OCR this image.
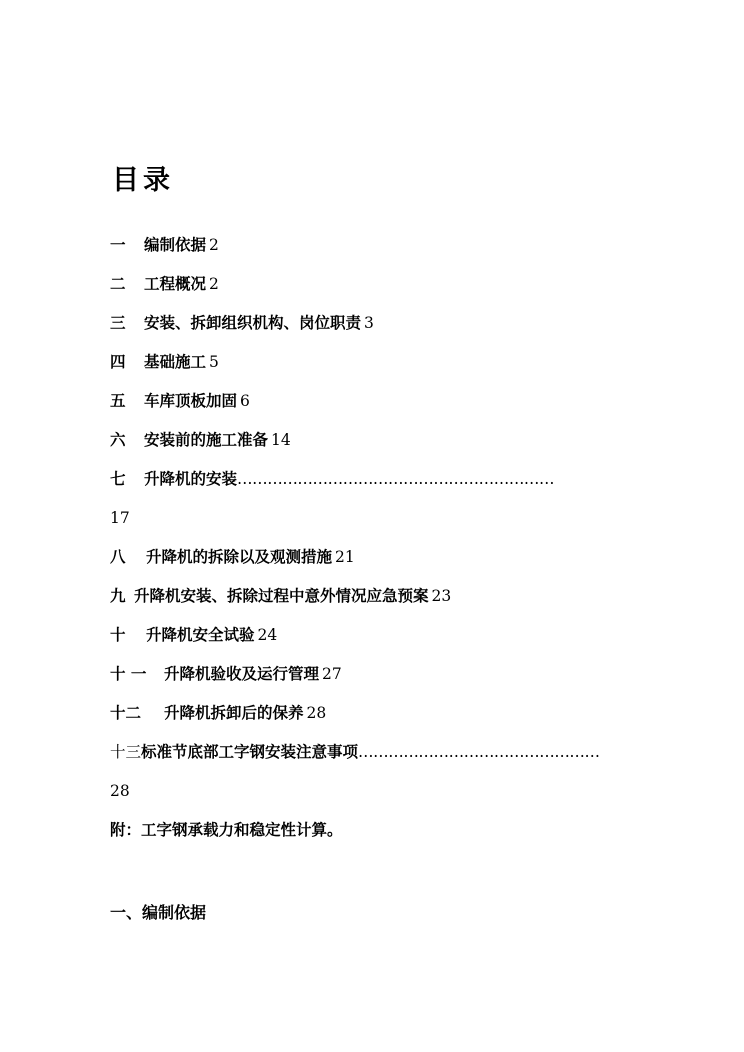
目录
一 编制依据 2
二 工程概况 2
三 安装、拆卸组织机构、岗位职责 3
四 基础施工 5
五 车库顶板加固 6
六 安装前的施工准备 14
七 升降机的安装………………………………………………………
17
八 升降机的拆除以及观测措施 21
九 升降机安装、拆除过程中意外情况应急预案 23
十 升降机安全试验 24
十 一 升降机验收及运行管理 27
十二 升降机拆卸后的保养 28
十三标准节底部工字钢安装注意事项…………………………………………
28
附：工字钢承载力和稳定性计算。
一、编制依据
